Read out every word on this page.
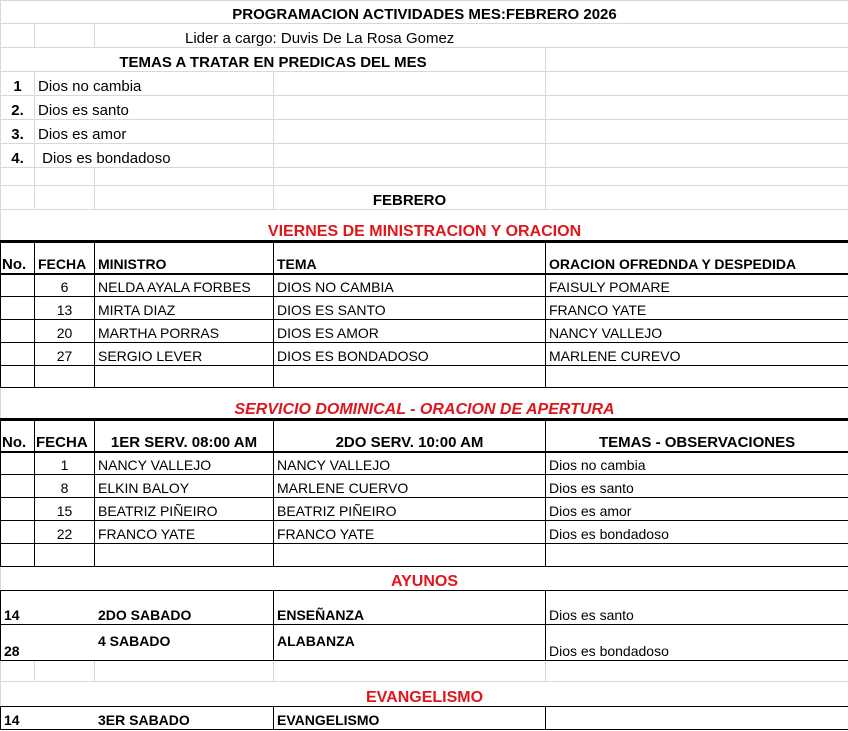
PROGRAMACION ACTIVIDADES MES:FEBRERO 2026				
		Lider a cargo: Duvis De La Rosa Gomez		
TEMAS A TRATAR EN PREDICAS DEL MES				
1	Dios no cambia			
2.	Dios es santo			
3.	Dios es amor			
4.	Dios es bondadoso			

			FEBRERO	
VIERNES DE MINISTRACION Y ORACION				
No.	FECHA	MINISTRO	TEMA	ORACION OFREDNDA Y DESPEDIDA
	6	NELDA AYALA FORBES	DIOS NO CAMBIA	FAISULY POMARE
	13	MIRTA DIAZ	DIOS ES SANTO	FRANCO YATE
	20	MARTHA PORRAS	DIOS ES AMOR	NANCY VALLEJO
	27	SERGIO LEVER	DIOS ES BONDADOSO	MARLENE CUREVO

SERVICIO DOMINICAL - ORACION DE APERTURA				
No.	FECHA	1ER SERV. 08:00 AM	2DO SERV. 10:00 AM	TEMAS - OBSERVACIONES
	1	NANCY VALLEJO	NANCY VALLEJO	Dios no cambia
	8	ELKIN BALOY	MARLENE CUERVO	Dios es santo
	15	BEATRIZ PIÑEIRO	BEATRIZ PIÑEIRO	Dios es amor
	22	FRANCO YATE	FRANCO YATE	Dios es bondadoso

AYUNOS				
14		2DO SABADO	ENSEÑANZA	Dios es santo
28		4 SABADO	ALABANZA	Dios es bondadoso

EVANGELISMO				
14		3ER SABADO	EVANGELISMO	
